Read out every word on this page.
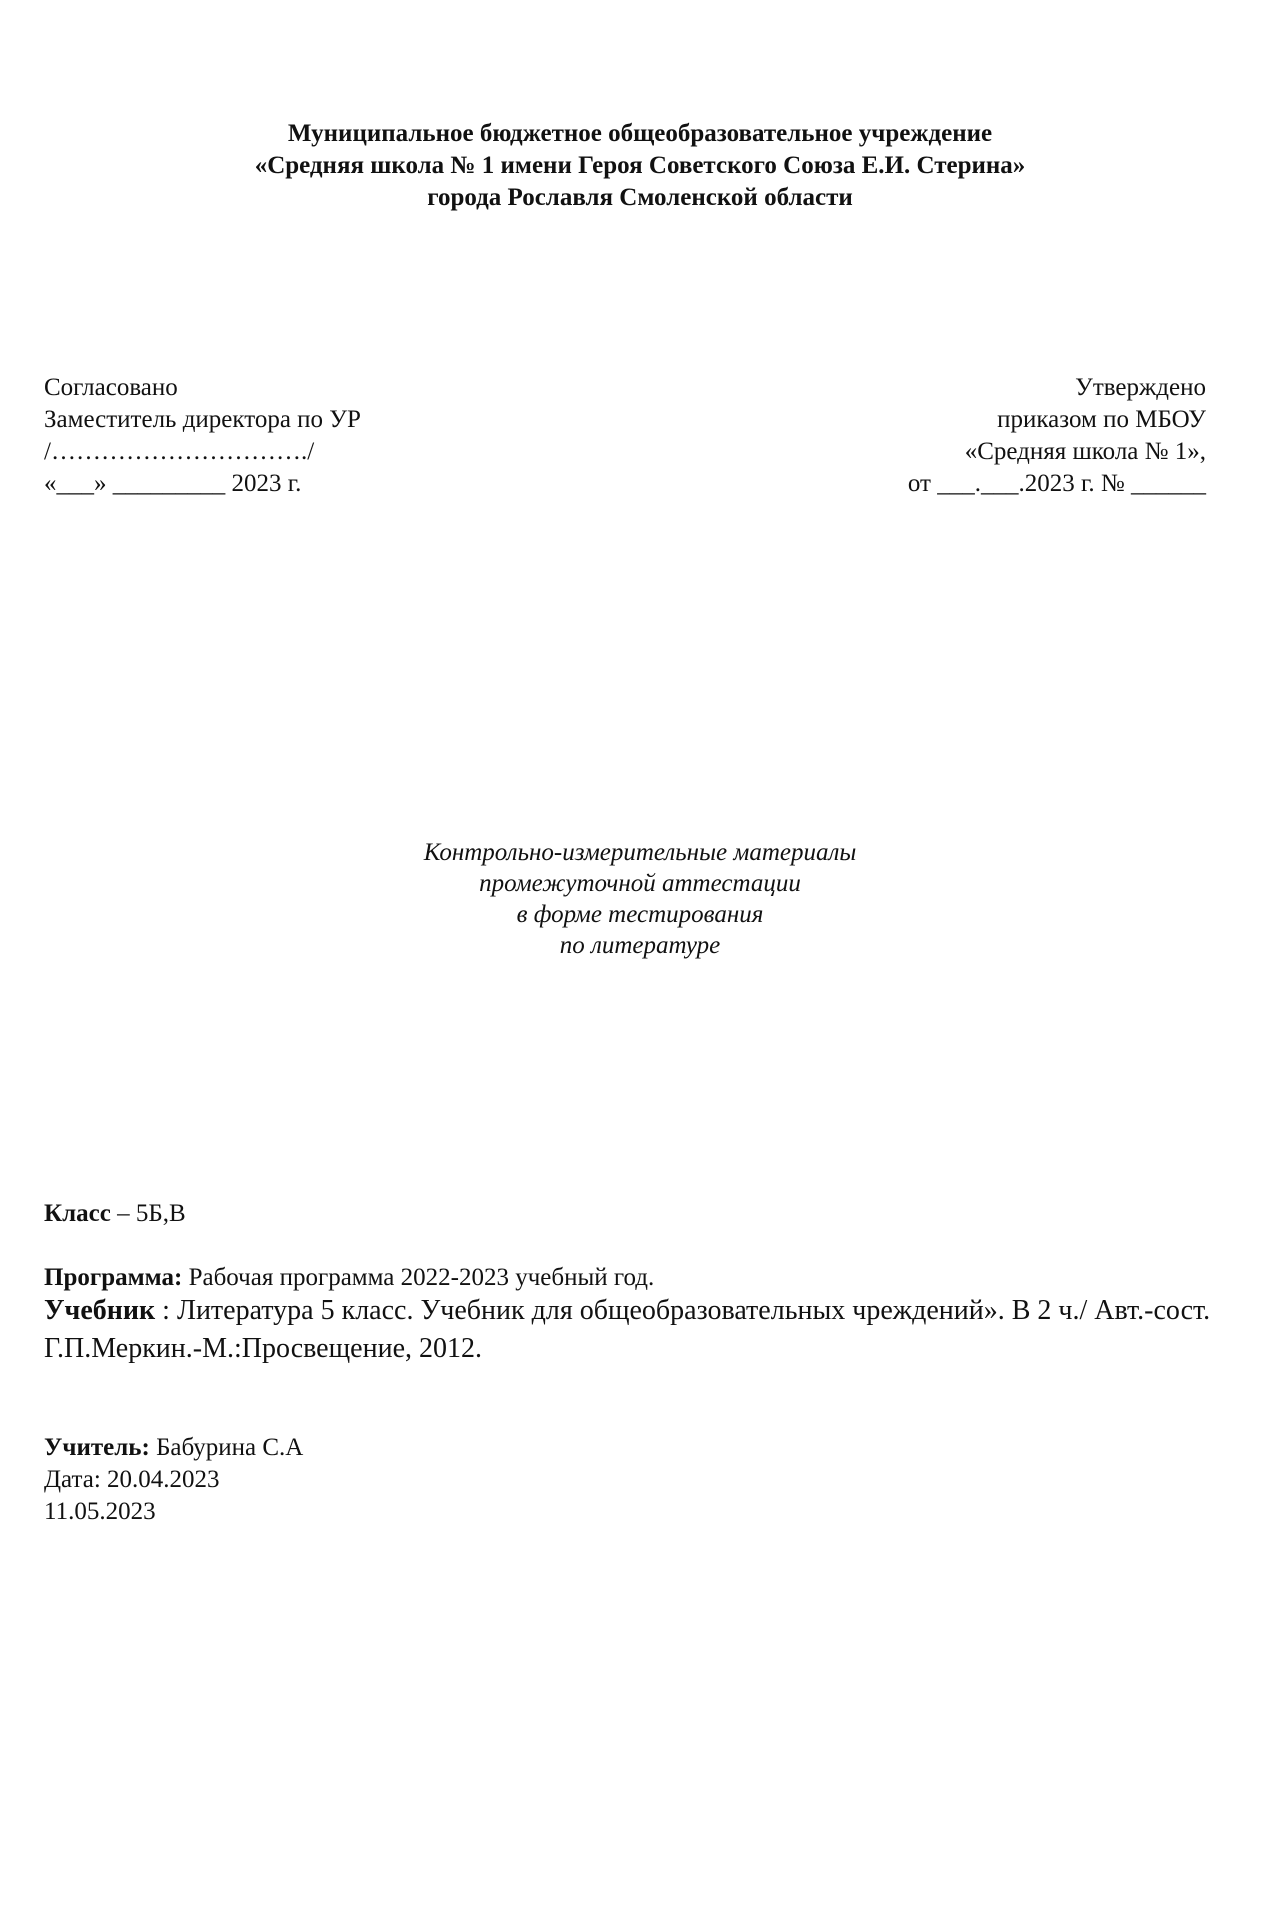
Муниципальное бюджетное общеобразовательное учреждение
«Средняя школа № 1 имени Героя Советского Союза Е.И. Стерина»
города Рославля Смоленской области
Согласовано
Заместитель директора по УР
/…………………………./
«___» _________ 2023 г.
Утверждено
приказом по МБОУ
«Средняя школа № 1»,
от ___.___.2023 г. № ______
Контрольно-измерительные материалы
промежуточной аттестации
в форме тестирования
по литературе
Класс – 5Б,В
Программа: Рабочая программа 2022-2023 учебный год.
Учебник : Литература 5 класс. Учебник для общеобразовательных чреждений». В 2 ч./ Авт.-сост. Г.П.Меркин.-М.:Просвещение, 2012.
Учитель: Бабурина С.А
Дата: 20.04.2023
11.05.2023
